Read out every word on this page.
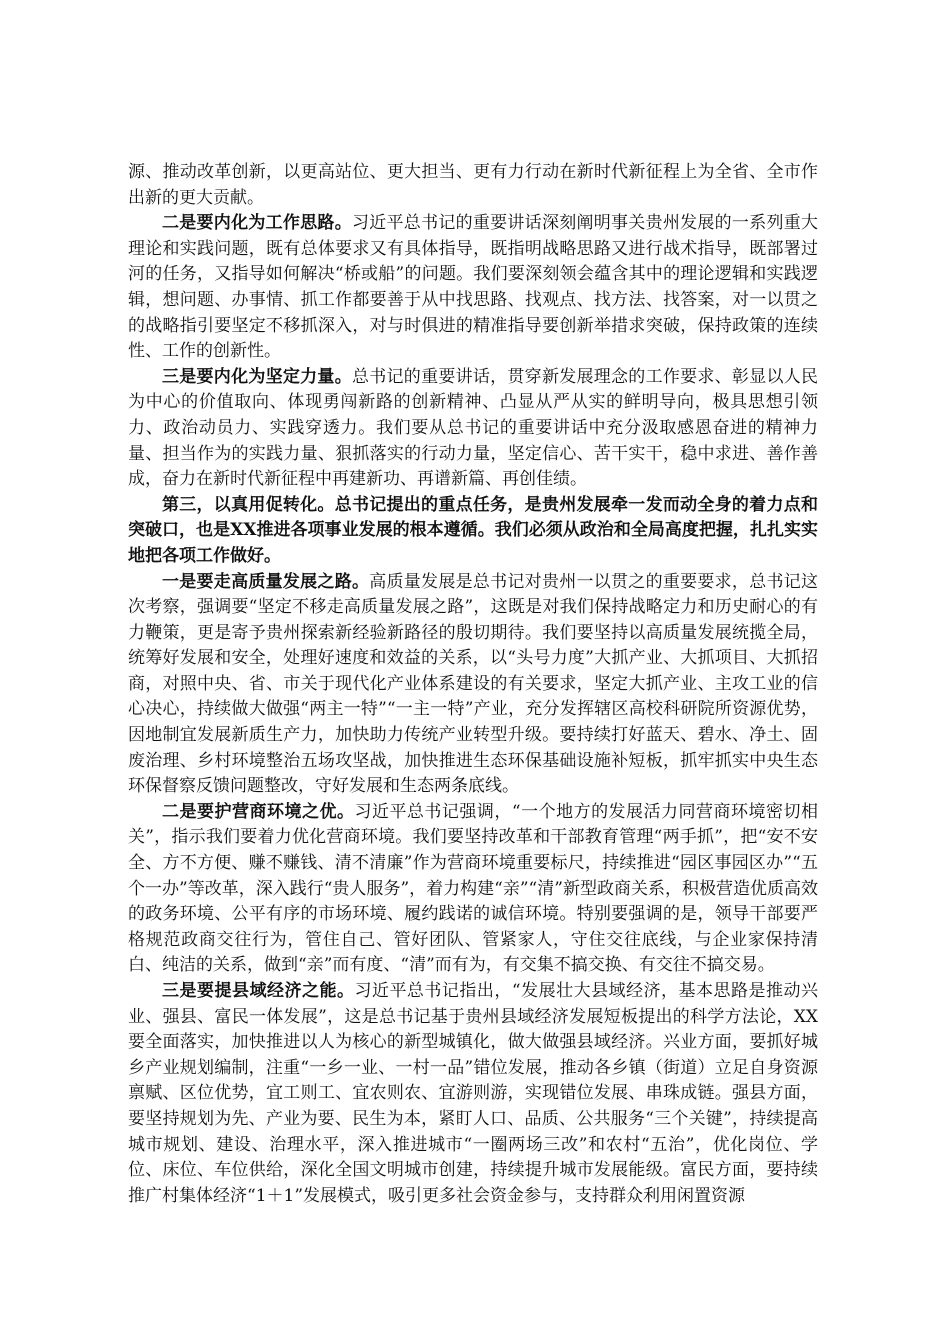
源、推动改革创新，以更高站位、更大担当、更有力行动在新时代新征程上为全省、全市作出新的更大贡献。

二是要内化为工作思路。习近平总书记的重要讲话深刻阐明事关贵州发展的一系列重大理论和实践问题，既有总体要求又有具体指导，既指明战略思路又进行战术指导，既部署过河的任务，又指导如何解决“桥或船”的问题。我们要深刻领会蕴含其中的理论逻辑和实践逻辑，想问题、办事情、抓工作都要善于从中找思路、找观点、找方法、找答案，对一以贯之的战略指引要坚定不移抓深入，对与时俱进的精准指导要创新举措求突破，保持政策的连续性、工作的创新性。

三是要内化为坚定力量。总书记的重要讲话，贯穿新发展理念的工作要求、彰显以人民为中心的价值取向、体现勇闯新路的创新精神、凸显从严从实的鲜明导向，极具思想引领力、政治动员力、实践穿透力。我们要从总书记的重要讲话中充分汲取感恩奋进的精神力量、担当作为的实践力量、狠抓落实的行动力量，坚定信心、苦干实干，稳中求进、善作善成，奋力在新时代新征程中再建新功、再谱新篇、再创佳绩。

第三，以真用促转化。总书记提出的重点任务，是贵州发展牵一发而动全身的着力点和突破口，也是XX推进各项事业发展的根本遵循。我们必须从政治和全局高度把握，扎扎实实地把各项工作做好。

一是要走高质量发展之路。高质量发展是总书记对贵州一以贯之的重要要求，总书记这次考察，强调要“坚定不移走高质量发展之路”，这既是对我们保持战略定力和历史耐心的有力鞭策，更是寄予贵州探索新经验新路径的殷切期待。我们要坚持以高质量发展统揽全局，统筹好发展和安全，处理好速度和效益的关系，以“头号力度”大抓产业、大抓项目、大抓招商，对照中央、省、市关于现代化产业体系建设的有关要求，坚定大抓产业、主攻工业的信心决心，持续做大做强“两主一特”“一主一特”产业，充分发挥辖区高校科研院所资源优势，因地制宜发展新质生产力，加快助力传统产业转型升级。要持续打好蓝天、碧水、净土、固废治理、乡村环境整治五场攻坚战，加快推进生态环保基础设施补短板，抓牢抓实中央生态环保督察反馈问题整改，守好发展和生态两条底线。

二是要护营商环境之优。习近平总书记强调，“一个地方的发展活力同营商环境密切相关”，指示我们要着力优化营商环境。我们要坚持改革和干部教育管理“两手抓”，把“安不安全、方不方便、赚不赚钱、清不清廉”作为营商环境重要标尺，持续推进“园区事园区办”“五个一办”等改革，深入践行“贵人服务”，着力构建“亲”“清”新型政商关系，积极营造优质高效的政务环境、公平有序的市场环境、履约践诺的诚信环境。特别要强调的是，领导干部要严格规范政商交往行为，管住自己、管好团队、管紧家人，守住交往底线，与企业家保持清白、纯洁的关系，做到“亲”而有度、“清”而有为，有交集不搞交换、有交往不搞交易。

三是要提县域经济之能。习近平总书记指出，“发展壮大县域经济，基本思路是推动兴业、强县、富民一体发展”，这是总书记基于贵州县域经济发展短板提出的科学方法论，XX要全面落实，加快推进以人为核心的新型城镇化，做大做强县域经济。兴业方面，要抓好城乡产业规划编制，注重“一乡一业、一村一品”错位发展，推动各乡镇（街道）立足自身资源禀赋、区位优势，宜工则工、宜农则农、宜游则游，实现错位发展、串珠成链。强县方面，要坚持规划为先、产业为要、民生为本，紧盯人口、品质、公共服务“三个关键”，持续提高城市规划、建设、治理水平，深入推进城市“一圈两场三改”和农村“五治”，优化岗位、学位、床位、车位供给，深化全国文明城市创建，持续提升城市发展能级。富民方面，要持续推广村集体经济“1＋1”发展模式，吸引更多社会资金参与，支持群众利用闲置资源
